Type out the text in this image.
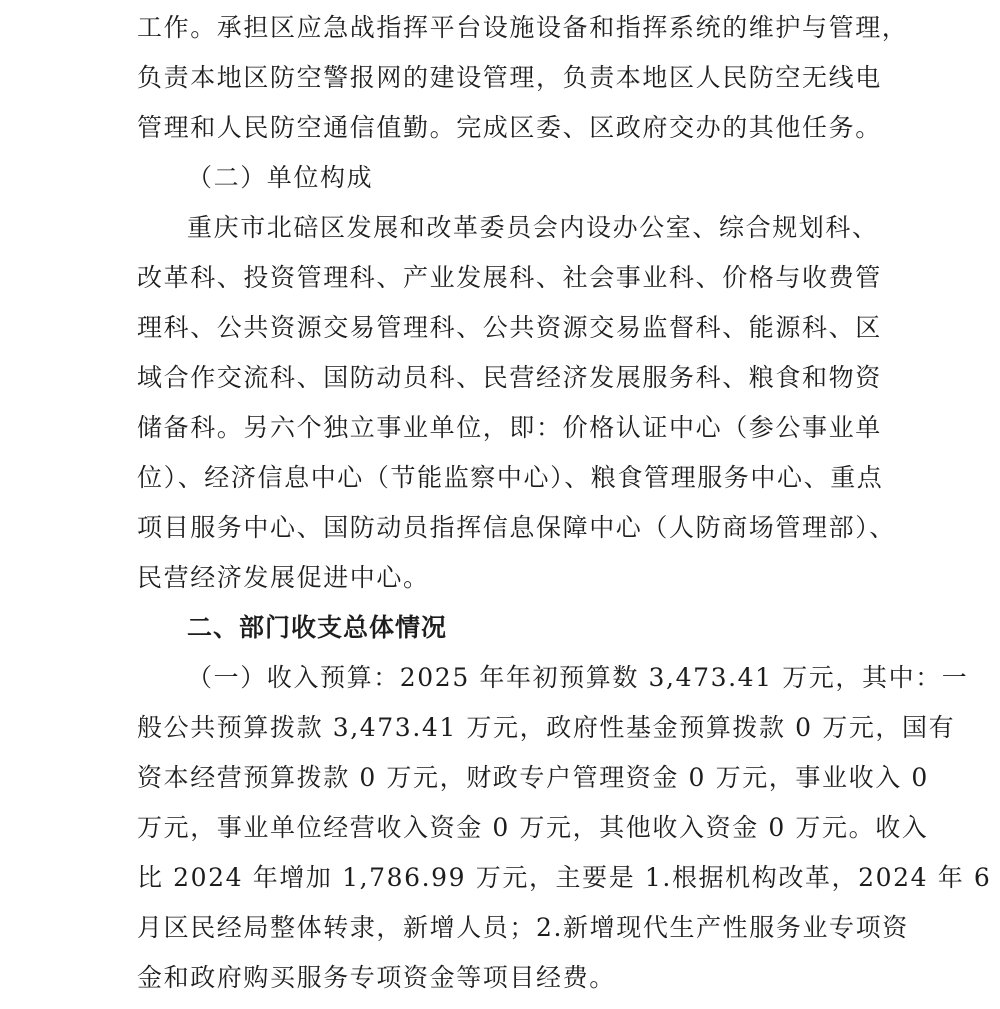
工作。承担区应急战指挥平台设施设备和指挥系统的维护与管理，
负责本地区防空警报网的建设管理，负责本地区人民防空无线电
管理和人民防空通信值勤。完成区委、区政府交办的其他任务。
（二）单位构成
重庆市北碚区发展和改革委员会内设办公室、综合规划科、
改革科、投资管理科、产业发展科、社会事业科、价格与收费管
理科、公共资源交易管理科、公共资源交易监督科、能源科、区
域合作交流科、国防动员科、民营经济发展服务科、粮食和物资
储备科。另六个独立事业单位，即：价格认证中心（参公事业单
位）、经济信息中心（节能监察中心）、粮食管理服务中心、重点
项目服务中心、国防动员指挥信息保障中心（人防商场管理部）、
民营经济发展促进中心。
二、部门收支总体情况
（一）收入预算：2025 年年初预算数 3,473.41 万元，其中：一
般公共预算拨款 3,473.41 万元，政府性基金预算拨款 0 万元，国有
资本经营预算拨款 0 万元，财政专户管理资金 0 万元，事业收入 0
万元，事业单位经营收入资金 0 万元，其他收入资金 0 万元。收入
比 2024 年增加 1,786.99 万元，主要是 1.根据机构改革，2024 年 6
月区民经局整体转隶，新增人员；2.新增现代生产性服务业专项资
金和政府购买服务专项资金等项目经费。
